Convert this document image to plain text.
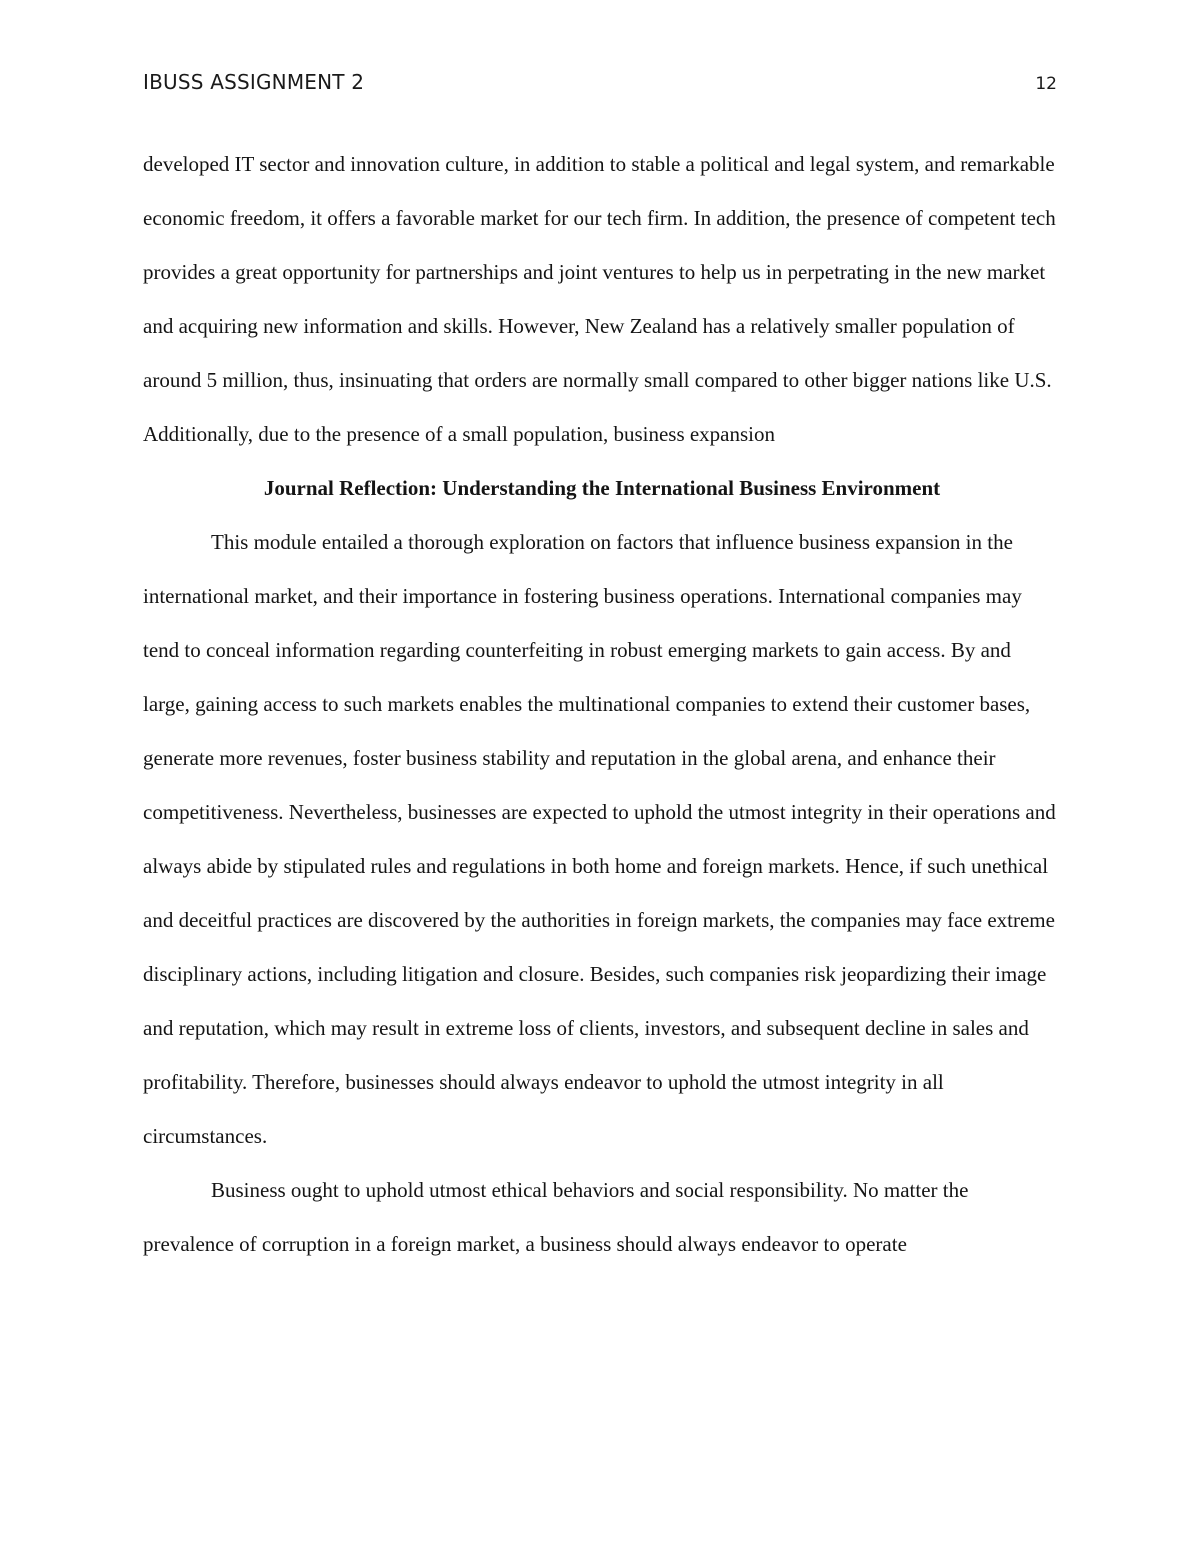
IBUSS ASSIGNMENT 2	12

developed IT sector and innovation culture, in addition to stable a political and legal system, and remarkable economic freedom, it offers a favorable market for our tech firm. In addition, the presence of competent tech provides a great opportunity for partnerships and joint ventures to help us in perpetrating in the new market and acquiring new information and skills. However, New Zealand has a relatively smaller population of around 5 million, thus, insinuating that orders are normally small compared to other bigger nations like U.S. Additionally, due to the presence of a small population, business expansion

Journal Reflection: Understanding the International Business Environment

This module entailed a thorough exploration on factors that influence business expansion in the international market, and their importance in fostering business operations. International companies may tend to conceal information regarding counterfeiting in robust emerging markets to gain access. By and large, gaining access to such markets enables the multinational companies to extend their customer bases, generate more revenues, foster business stability and reputation in the global arena, and enhance their competitiveness. Nevertheless, businesses are expected to uphold the utmost integrity in their operations and always abide by stipulated rules and regulations in both home and foreign markets. Hence, if such unethical and deceitful practices are discovered by the authorities in foreign markets, the companies may face extreme disciplinary actions, including litigation and closure. Besides, such companies risk jeopardizing their image and reputation, which may result in extreme loss of clients, investors, and subsequent decline in sales and profitability. Therefore, businesses should always endeavor to uphold the utmost integrity in all circumstances.

Business ought to uphold utmost ethical behaviors and social responsibility. No matter the prevalence of corruption in a foreign market, a business should always endeavor to operate
